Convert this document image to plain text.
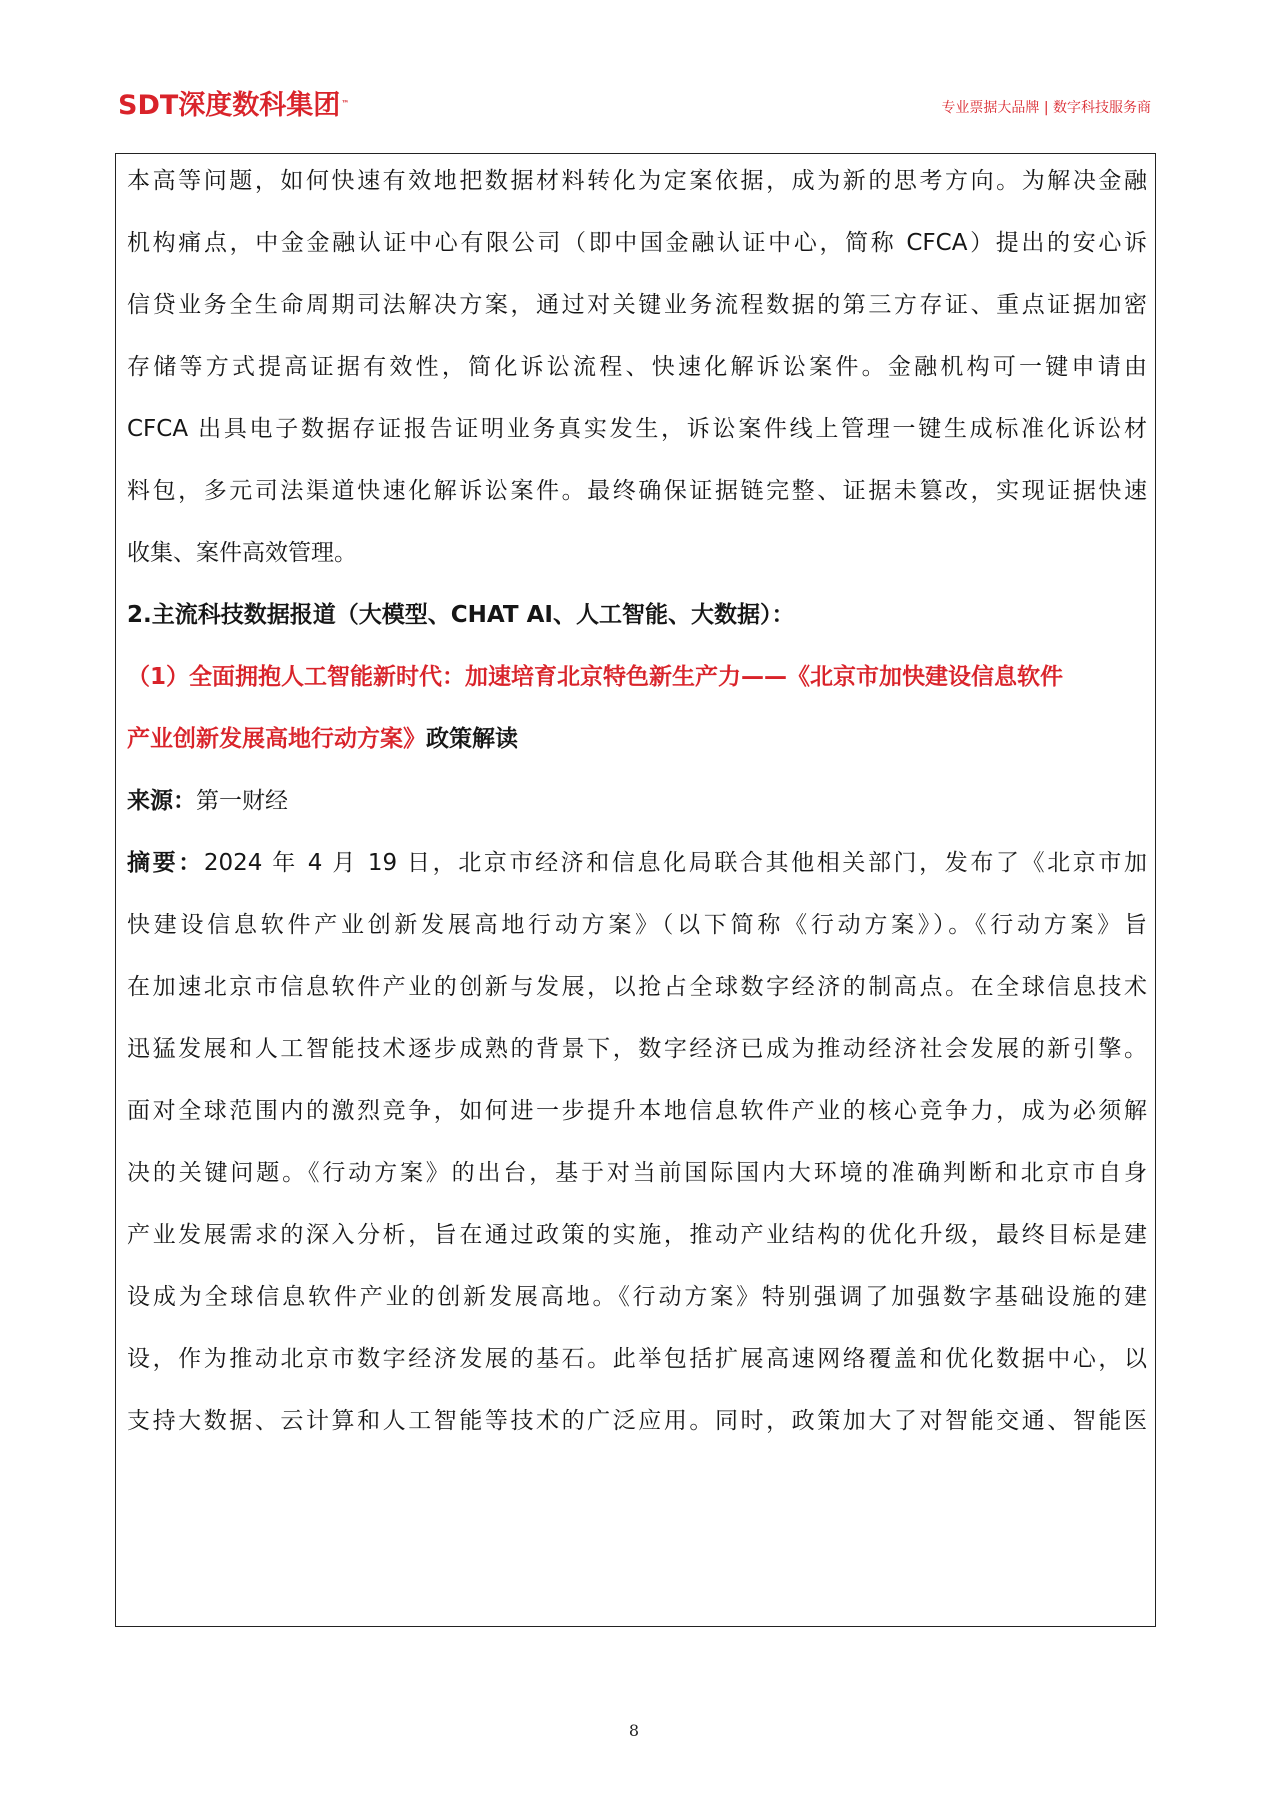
SDT深度数科集团™	专业票据大品牌 | 数字科技服务商
本高等问题，如何快速有效地把数据材料转化为定案依据，成为新的思考方向。为解决金融
机构痛点，中金金融认证中心有限公司（即中国金融认证中心，简称 CFCA）提出的安心诉
信贷业务全生命周期司法解决方案，通过对关键业务流程数据的第三方存证、重点证据加密
存储等方式提高证据有效性，简化诉讼流程、快速化解诉讼案件。金融机构可一键申请由
CFCA 出具电子数据存证报告证明业务真实发生，诉讼案件线上管理一键生成标准化诉讼材
料包，多元司法渠道快速化解诉讼案件。最终确保证据链完整、证据未篡改，实现证据快速
收集、案件高效管理。
2.主流科技数据报道（大模型、CHAT AI、人工智能、大数据）：
（1）全面拥抱人工智能新时代：加速培育北京特色新生产力——《北京市加快建设信息软件
产业创新发展高地行动方案》政策解读
来源：第一财经
摘要：2024 年 4 月 19 日，北京市经济和信息化局联合其他相关部门，发布了《北京市加
快建设信息软件产业创新发展高地行动方案》（以下简称《行动方案》）。《行动方案》旨
在加速北京市信息软件产业的创新与发展，以抢占全球数字经济的制高点。在全球信息技术
迅猛发展和人工智能技术逐步成熟的背景下，数字经济已成为推动经济社会发展的新引擎。
面对全球范围内的激烈竞争，如何进一步提升本地信息软件产业的核心竞争力，成为必须解
决的关键问题。《行动方案》的出台，基于对当前国际国内大环境的准确判断和北京市自身
产业发展需求的深入分析，旨在通过政策的实施，推动产业结构的优化升级，最终目标是建
设成为全球信息软件产业的创新发展高地。《行动方案》特别强调了加强数字基础设施的建
设，作为推动北京市数字经济发展的基石。此举包括扩展高速网络覆盖和优化数据中心，以
支持大数据、云计算和人工智能等技术的广泛应用。同时，政策加大了对智能交通、智能医
8
